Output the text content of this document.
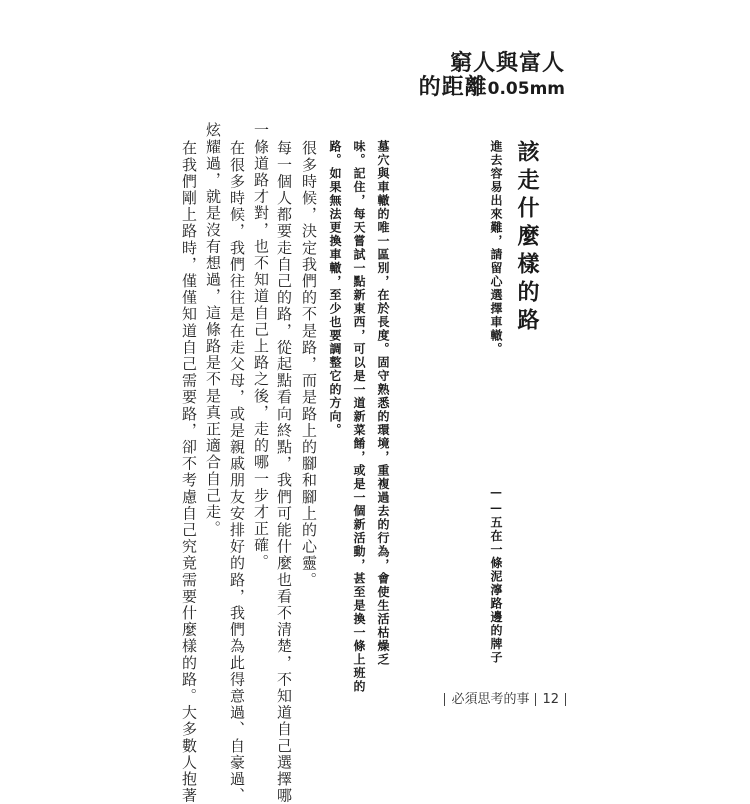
窮人與富人
的距離0.05mm
該走什麼樣的路
進去容易出來難，請留心選擇車轍。
——五在一條泥濘路邊的牌子
墓穴與車轍的唯一區別，在於長度。固守熟悉的環境，重複過去的行為，會使生活枯燥乏
味。記住，每天嘗試一點新東西，可以是一道新菜餚，或是一個新活動，甚至是換一條上班的
路。如果無法更換車轍，至少也要調整它的方向。
很多時候，決定我們的不是路，而是路上的腳和腳上的心靈。
每一個人都要走自己的路，從起點看向終點，我們可能什麼也看不清楚，不知道自己選擇哪
一條道路才對，也不知道自己上路之後，走的哪一步才正確。
在很多時候，我們往往是在走父母，或是親戚朋友安排好的路，我們為此得意過、自豪過、
炫耀過，就是沒有想過，這條路是不是真正適合自己走。
在我們剛上路時，僅僅知道自己需要路，卻不考慮自己究竟需要什麼樣的路。大多數人抱著	必須思考的事 12
